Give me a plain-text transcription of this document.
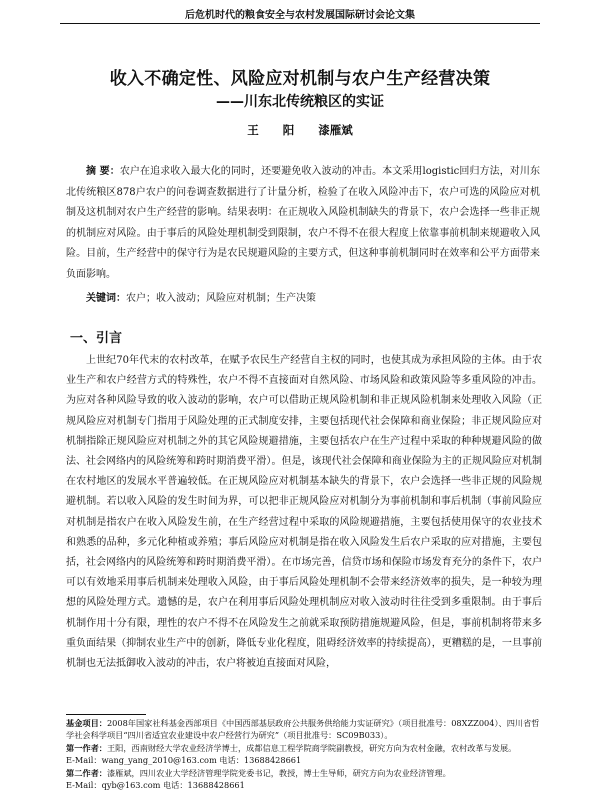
后危机时代的粮食安全与农村发展国际研讨会论文集
收入不确定性、风险应对机制与农户生产经营决策
——川东北传统粮区的实证
王 阳 漆雁斌
摘 要：农户在追求收入最大化的同时，还要避免收入波动的冲击。本文采用logistic回归方法，对川东北传统粮区878户农户的问卷调查数据进行了计量分析，检验了在收入风险冲击下，农户可选的风险应对机制及这机制对农户生产经营的影响。结果表明：在正规收入风险机制缺失的背景下，农户会选择一些非正规的机制应对风险。由于事后的风险处理机制受到限制，农户不得不在很大程度上依靠事前机制来规避收入风险。目前，生产经营中的保守行为是农民规避风险的主要方式，但这种事前机制同时在效率和公平方面带来负面影响。
关键词：农户；收入波动；风险应对机制；生产决策
一、引言

上世纪70年代末的农村改革，在赋予农民生产经营自主权的同时，也使其成为承担风险的主体。由于农业生产和农户经营方式的特殊性，农户不得不直接面对自然风险、市场风险和政策风险等多重风险的冲击。为应对各种风险导致的收入波动的影响，农户可以借助正规风险机制和非正规风险机制来处理收入风险（正规风险应对机制专门指用于风险处理的正式制度安排，主要包括现代社会保障和商业保险；非正规风险应对机制指除正规风险应对机制之外的其它风险规避措施，主要包括农户在生产过程中采取的种种规避风险的做法、社会网络内的风险统筹和跨时期消费平滑）。但是，该现代社会保障和商业保险为主的正规风险应对机制在农村地区的发展水平普遍较低。在正规风险应对机制基本缺失的背景下，农户会选择一些非正规的风险规避机制。若以收入风险的发生时间为界，可以把非正规风险应对机制分为事前机制和事后机制（事前风险应对机制是指农户在收入风险发生前，在生产经营过程中采取的风险规避措施，主要包括使用保守的农业技术和熟悉的品种，多元化种植或养殖；事后风险应对机制是指在收入风险发生后农户采取的应对措施，主要包括，社会网络内的风险统筹和跨时期消费平滑）。在市场完善，信贷市场和保险市场发育充分的条件下，农户可以有效地采用事后机制来处理收入风险，由于事后风险处理机制不会带来经济效率的损失，是一种较为理想的风险处理方式。遗憾的是，农户在利用事后风险处理机制应对收入波动时往往受到多重限制。由于事后机制作用十分有限，理性的农户不得不在风险发生之前就采取预防措施规避风险，但是，事前机制将带来多重负面结果（抑制农业生产中的创新，降低专业化程度，阻碍经济效率的持续提高），更糟糕的是，一旦事前机制也无法抵御收入波动的冲击，农户将被迫直接面对风险，

基金项目：2008年国家社科基金西部项目《中国西部基层政府公共服务供给能力实证研究》（项目批准号：08XZZ004）、四川省哲学社会科学项目“四川省适宜农业建设中农户经营行为研究”（项目批准号：SC09B033）。
第一作者：王阳，西南财经大学农业经济学博士，成都信息工程学院商学院副教授，研究方向为农村金融，农村改革与发展。
E-Mail：wang_yang_2010@163.com 电话：13688428661
第二作者：漆雁斌，四川农业大学经济管理学院党委书记，教授，博士生导师，研究方向为农业经济管理。
E-Mail：qyb@163.com 电话：13688428661
